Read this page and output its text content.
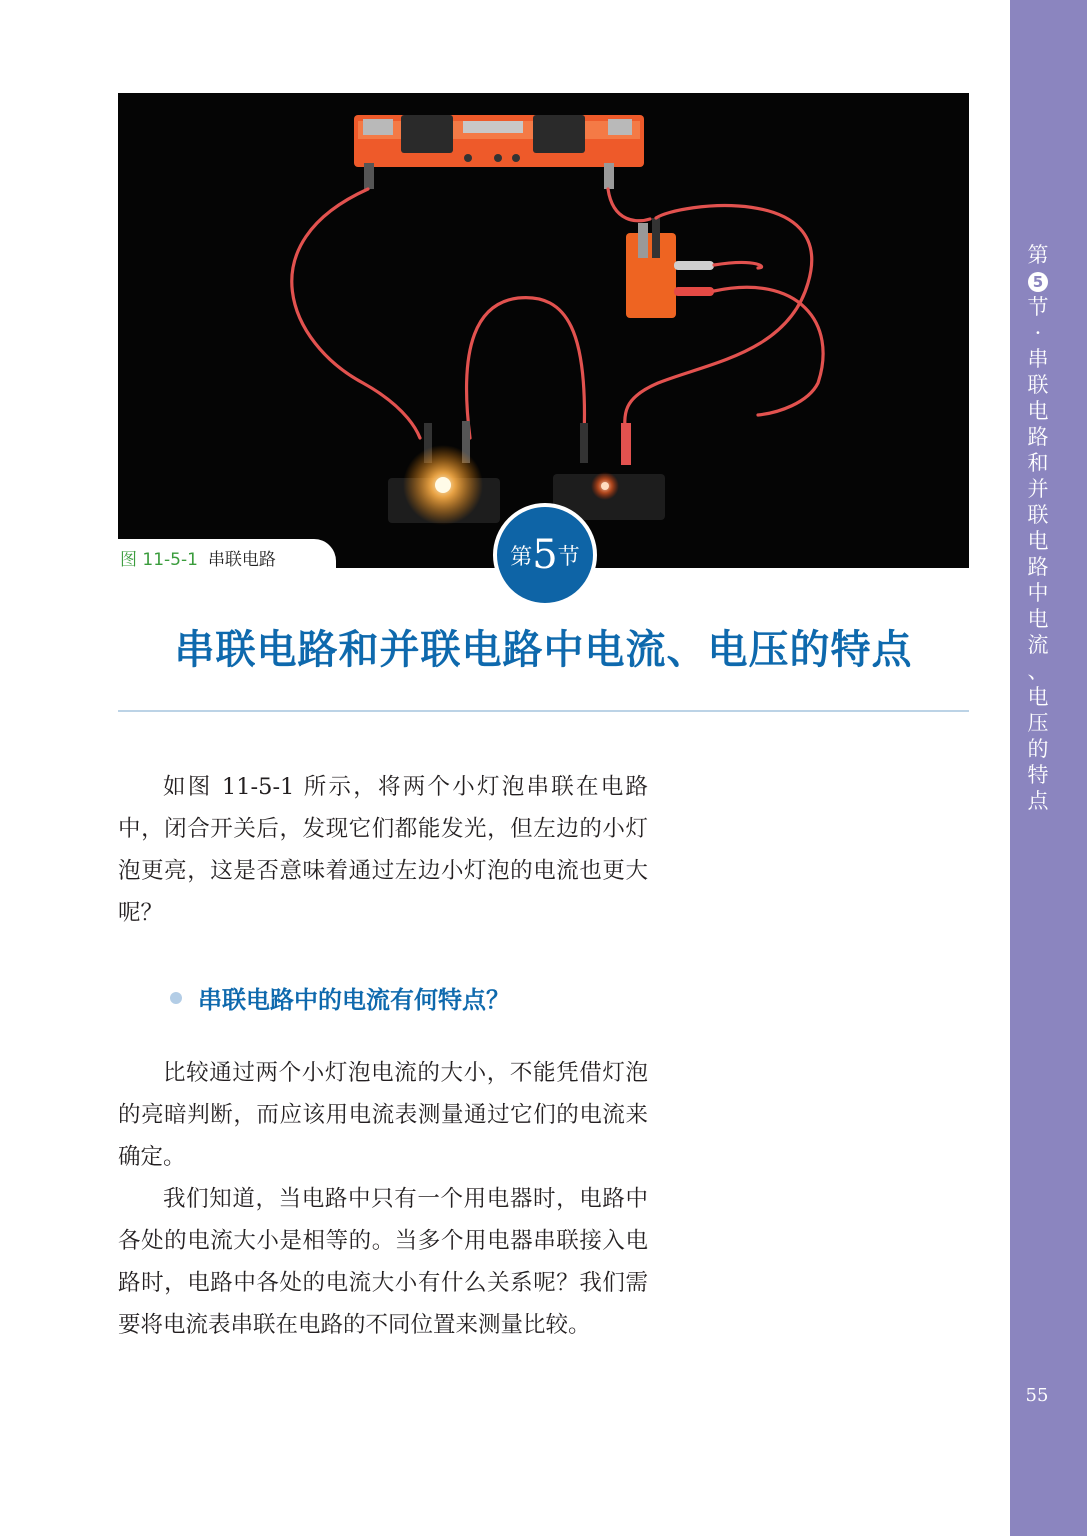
图 11-5-1 串联电路	第5节
串联电路和并联电路中电流、电压的特点

如图 11-5-1 所示，将两个小灯泡串联在电路中，闭合开关后，发现它们都能发光，但左边的小灯泡更亮，这是否意味着通过左边小灯泡的电流也更大呢？

串联电路中的电流有何特点？

比较通过两个小灯泡电流的大小，不能凭借灯泡的亮暗判断，而应该用电流表测量通过它们的电流来确定。

我们知道，当电路中只有一个用电器时，电路中各处的电流大小是相等的。当多个用电器串联接入电路时，电路中各处的电流大小有什么关系呢？我们需要将电流表串联在电路的不同位置来测量比较。

第
5
节
·
串
联
电
路
和
并
联
电
路
中
电
流
、
电
压
的
特
点
55
